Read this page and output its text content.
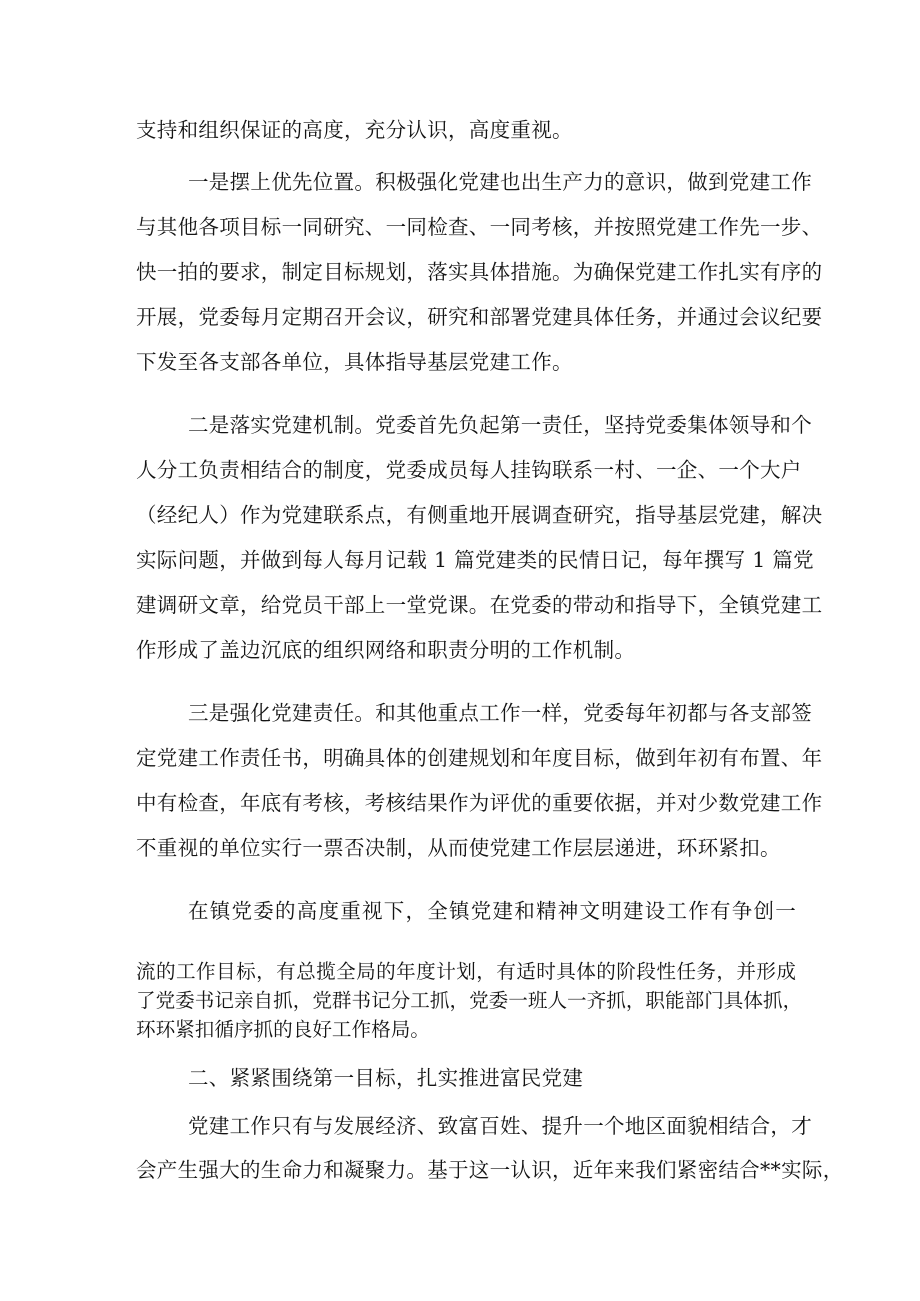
支持和组织保证的高度，充分认识，高度重视。
一是摆上优先位置。积极强化党建也出生产力的意识，做到党建工作
与其他各项目标一同研究、一同检查、一同考核，并按照党建工作先一步、
快一拍的要求，制定目标规划，落实具体措施。为确保党建工作扎实有序的
开展，党委每月定期召开会议，研究和部署党建具体任务，并通过会议纪要
下发至各支部各单位，具体指导基层党建工作。
二是落实党建机制。党委首先负起第一责任，坚持党委集体领导和个
人分工负责相结合的制度，党委成员每人挂钩联系一村、一企、一个大户
（经纪人）作为党建联系点，有侧重地开展调查研究，指导基层党建，解决
实际问题，并做到每人每月记载 1 篇党建类的民情日记，每年撰写 1 篇党
建调研文章，给党员干部上一堂党课。在党委的带动和指导下，全镇党建工
作形成了盖边沉底的组织网络和职责分明的工作机制。
三是强化党建责任。和其他重点工作一样，党委每年初都与各支部签
定党建工作责任书，明确具体的创建规划和年度目标，做到年初有布置、年
中有检查，年底有考核，考核结果作为评优的重要依据，并对少数党建工作
不重视的单位实行一票否决制，从而使党建工作层层递进，环环紧扣。
在镇党委的高度重视下，全镇党建和精神文明建设工作有争创一
流的工作目标，有总揽全局的年度计划，有适时具体的阶段性任务，并形成
了党委书记亲自抓，党群书记分工抓，党委一班人一齐抓，职能部门具体抓，
环环紧扣循序抓的良好工作格局。
二、紧紧围绕第一目标，扎实推进富民党建
党建工作只有与发展经济、致富百姓、提升一个地区面貌相结合，才
会产生强大的生命力和凝聚力。基于这一认识，近年来我们紧密结合**实际，
